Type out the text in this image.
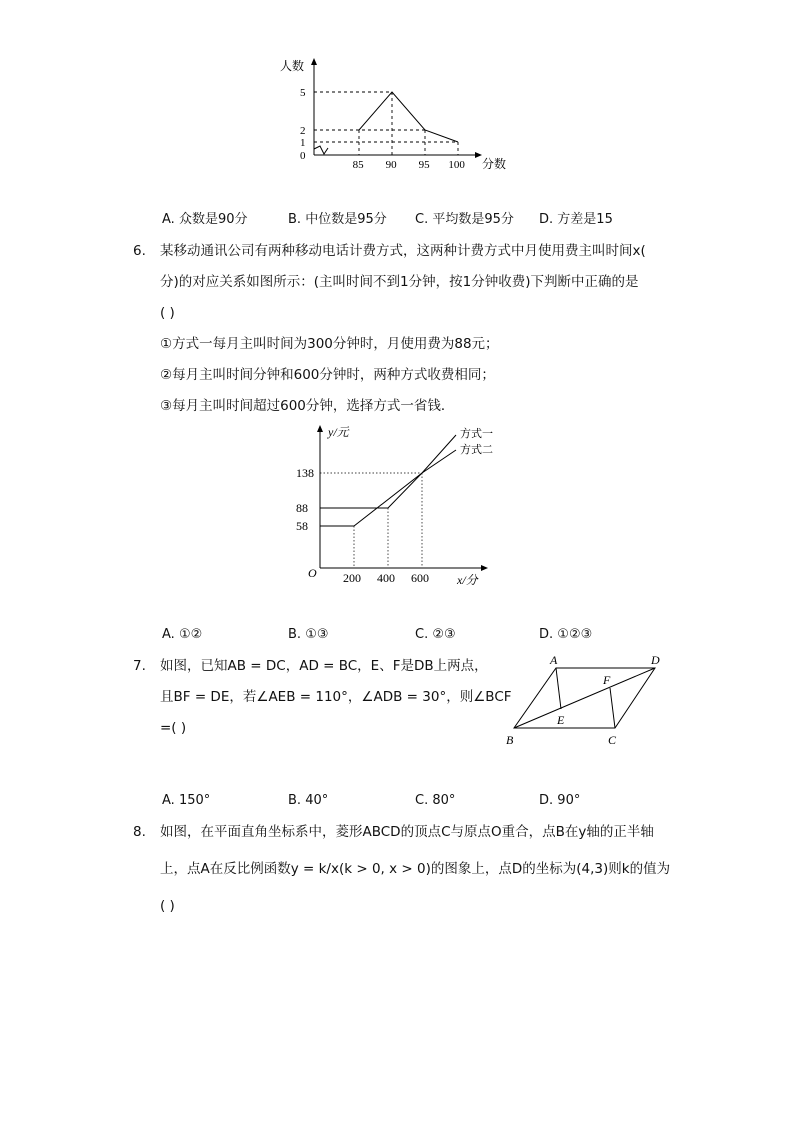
85 90 95 100
0
1
2
5
人数
分数
A. 众数是90分	B. 中位数是95分 C. 平均数是95分 D. 方差是15
6. 某移动通讯公司有两种移动电话计费方式，这两种计费方式中月使用费主叫时间x(
分)的对应关系如图所示：(主叫时间不到1分钟，按1分钟收费)下判断中正确的是
( )
①方式一每月主叫时间为300分钟时，月使用费为88元；
②每月主叫时间分钟和600分钟时，两种方式收费相同；
③每月主叫时间超过600分钟，选择方式一省钱．
58
88
138
200 400 600
y/元
x/分
O
方式一
方式二
A. ①②	B. ①③	C. ②③	D. ①②③
7. 如图，已知AB = DC，AD = BC，E、F是DB上两点，
且BF = DE，若∠AEB = 110°，∠ADB = 30°，则∠BCF
=( )
A	D
F
E
B	C
A. 150°	B. 40°	C. 80°	D. 90°
8. 如图，在平面直角坐标系中，菱形ABCD的顶点C与原点O重合，点B在y轴的正半轴
上，点A在反比例函数y = k/x(k > 0, x > 0)的图象上，点D的坐标为(4,3)则k的值为
( )
